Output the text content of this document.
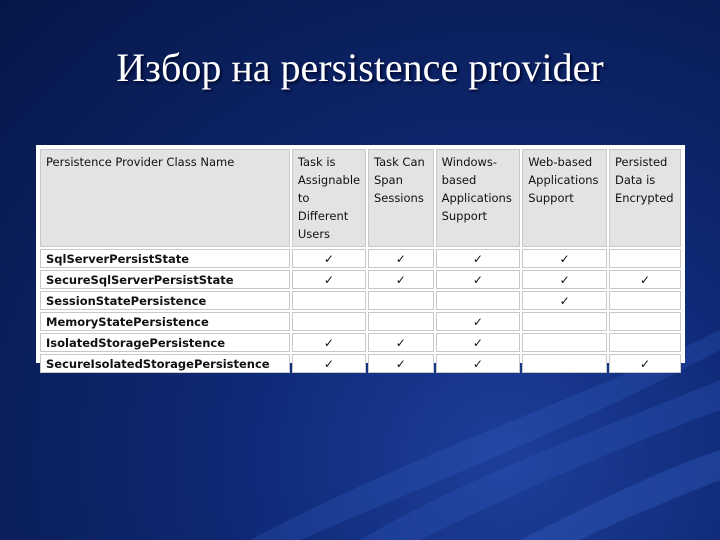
Избор на persistence provider
Persistence Provider Class Name	Task is Assignable to Different Users	Task Can Span Sessions	Windows-based Applications Support	Web-based Applications Support	Persisted Data is Encrypted
SqlServerPersistState	✓	✓	✓	✓	
SecureSqlServerPersistState	✓	✓	✓	✓	✓
SessionStatePersistence				✓	
MemoryStatePersistence			✓		
IsolatedStoragePersistence	✓	✓	✓		
SecureIsolatedStoragePersistence	✓	✓	✓		✓
